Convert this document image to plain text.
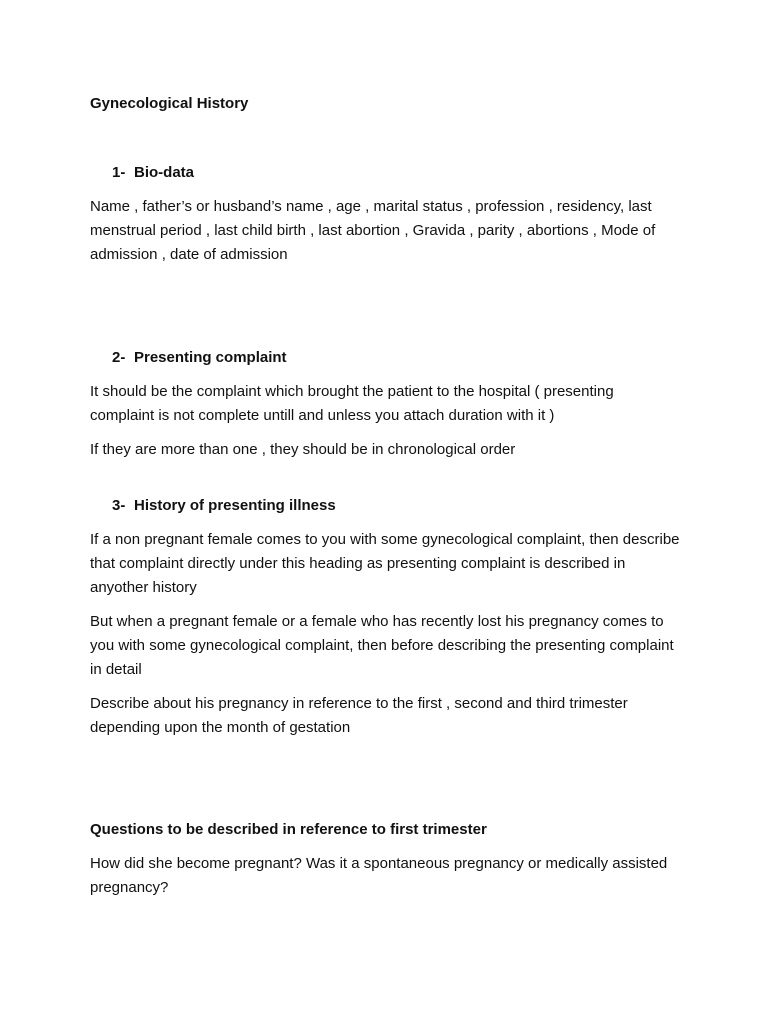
Gynecological History

1- Bio-data

Name , father’s or husband’s name , age , marital status , profession , residency, last menstrual period , last child birth , last abortion , Gravida , parity , abortions , Mode of admission , date of admission

2- Presenting complaint

It should be the complaint which brought the patient to the hospital ( presenting complaint is not complete untill and unless you attach duration with it )

If they are more than one , they should be in chronological order

3- History of presenting illness

If a non pregnant female comes to you with some gynecological complaint, then describe that complaint directly under this heading as presenting complaint is described in anyother history

But when a pregnant female or a female who has recently lost his pregnancy comes to you with some gynecological complaint, then before describing the presenting complaint in detail

Describe about his pregnancy in reference to the first , second and third trimester depending upon the month of gestation

Questions to be described in reference to first trimester

How did she become pregnant? Was it a spontaneous pregnancy or medically assisted pregnancy?
